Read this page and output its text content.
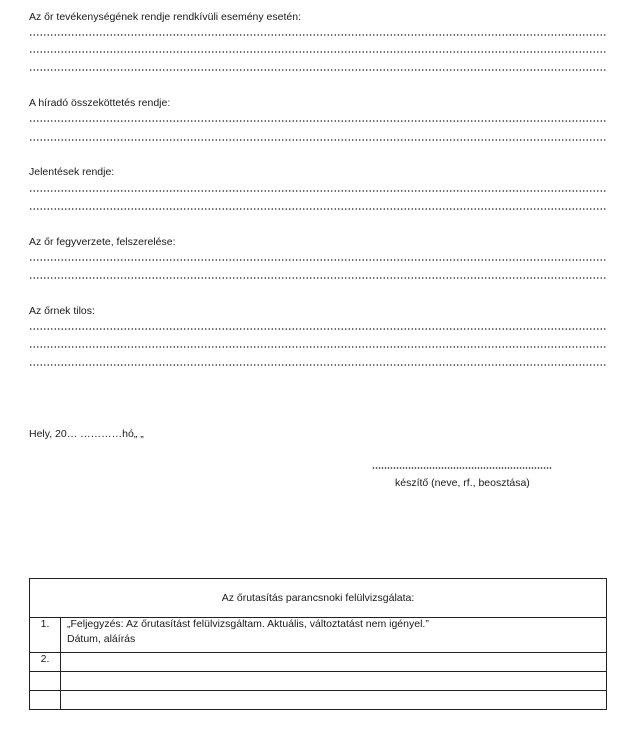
Az őr tevékenységének rendje rendkívüli esemény esetén:
A híradó összeköttetés rendje:
Jelentések rendje:
Az őr fegyverzete, felszerelése:
Az őrnek tilos:
Hely, 20… …………hó„ „
készítő (neve, rf., beosztása)
Az őrutasítás parancsnoki felülvizsgálata:	
1.	„Feljegyzés: Az őrutasítást felülvizsgáltam. Aktuális, változtatást nem igényel.”
Dátum, aláírás

2.	
